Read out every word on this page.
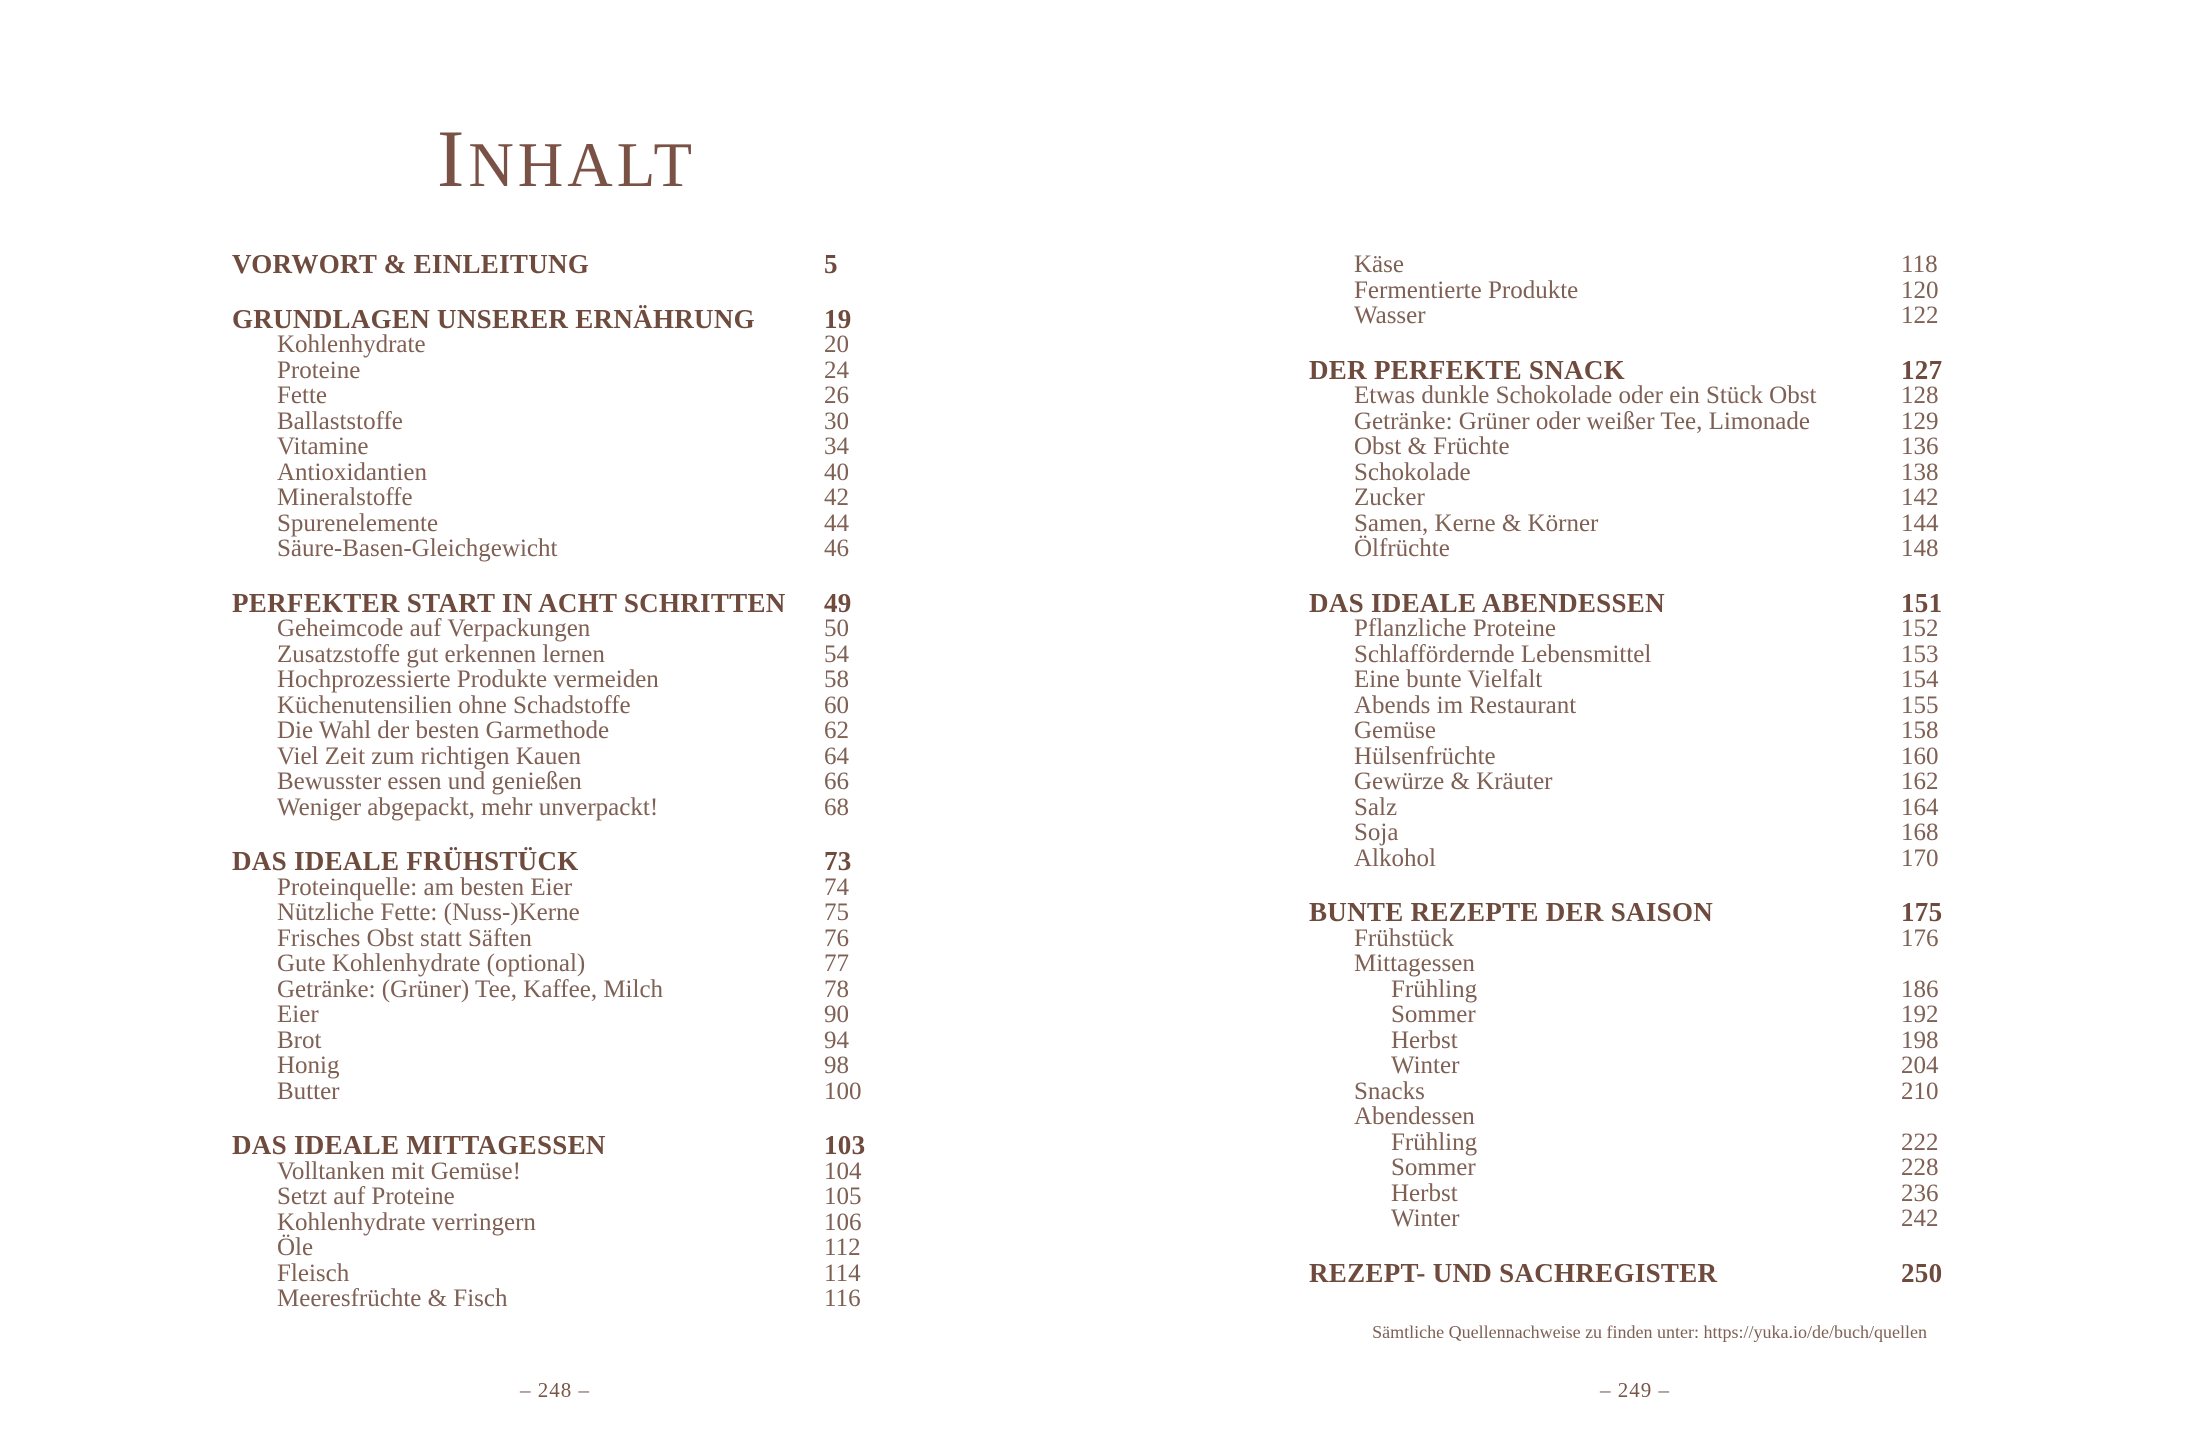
INHALT
VORWORT & EINLEITUNG	5
GRUNDLAGEN UNSERER ERNÄHRUNG	19
Kohlenhydrate	20
Proteine	24
Fette	26
Ballaststoffe	30
Vitamine	34
Antioxidantien	40
Mineralstoffe	42
Spurenelemente	44
Säure-Basen-Gleichgewicht	46
PERFEKTER START IN ACHT SCHRITTEN 49
Geheimcode auf Verpackungen	50
Zusatzstoffe gut erkennen lernen	54
Hochprozessierte Produkte vermeiden	58
Küchenutensilien ohne Schadstoffe	60
Die Wahl der besten Garmethode	62
Viel Zeit zum richtigen Kauen	64
Bewusster essen und genießen	66
Weniger abgepackt, mehr unverpackt!	68
DAS IDEALE FRÜHSTÜCK	73
Proteinquelle: am besten Eier	74
Nützliche Fette: (Nuss-)Kerne	75
Frisches Obst statt Säften	76
Gute Kohlenhydrate (optional)	77
Getränke: (Grüner) Tee, Kaffee, Milch	78
Eier	90
Brot	94
Honig	98
Butter	100
DAS IDEALE MITTAGESSEN	103
Volltanken mit Gemüse!	104
Setzt auf Proteine	105
Kohlenhydrate verringern	106
Öle	112
Fleisch	114
Meeresfrüchte & Fisch	116
Käse	118
Fermentierte Produkte	120
Wasser	122
DER PERFEKTE SNACK	127
Etwas dunkle Schokolade oder ein Stück Obst	128
Getränke: Grüner oder weißer Tee, Limonade	129
Obst & Früchte	136
Schokolade	138
Zucker	142
Samen, Kerne & Körner	144
Ölfrüchte	148
DAS IDEALE ABENDESSEN	151
Pflanzliche Proteine	152
Schlaffördernde Lebensmittel	153
Eine bunte Vielfalt	154
Abends im Restaurant	155
Gemüse	158
Hülsenfrüchte	160
Gewürze & Kräuter	162
Salz	164
Soja	168
Alkohol	170
BUNTE REZEPTE DER SAISON	175
Frühstück	176
Mittagessen
Frühling	186
Sommer	192
Herbst	198
Winter	204
Snacks	210
Abendessen
Frühling	222
Sommer	228
Herbst	236
Winter	242
REZEPT- UND SACHREGISTER	250
Sämtliche Quellennachweise zu finden unter: https://yuka.io/de/buch/quellen
– 248 –	– 249 –
